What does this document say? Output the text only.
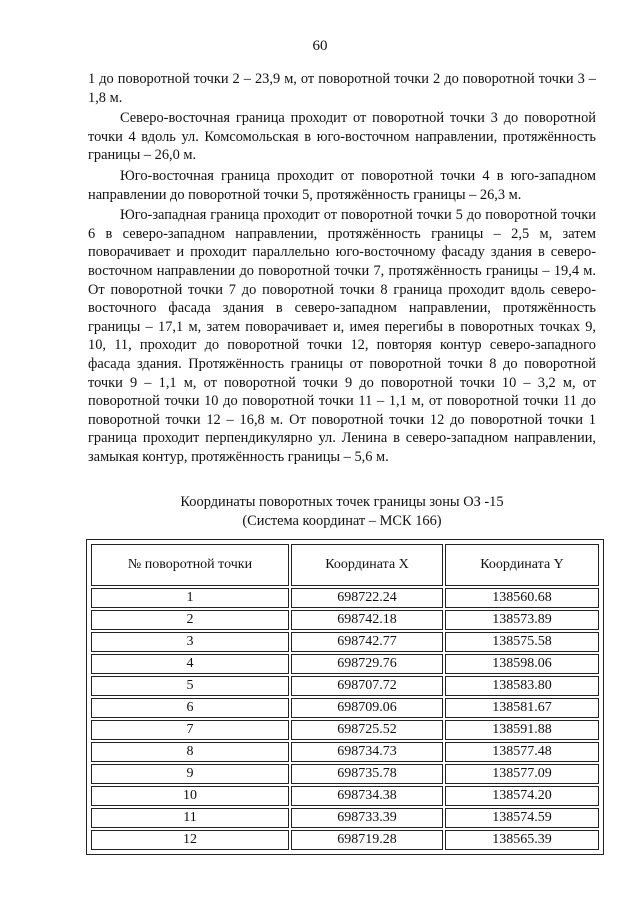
60

1 до поворотной точки 2 – 23,9 м, от поворотной точки 2 до поворотной точки 3 – 1,8 м.

Северо-восточная граница проходит от поворотной точки 3 до поворотной точки 4 вдоль ул. Комсомольская в юго-восточном направлении, протяжённость границы – 26,0 м.

Юго-восточная граница проходит от поворотной точки 4 в юго-западном направлении до поворотной точки 5, протяжённость границы – 26,3 м.

Юго-западная граница проходит от поворотной точки 5 до поворотной точки 6 в северо-западном направлении, протяжённость границы – 2,5 м, затем поворачивает и проходит параллельно юго-восточному фасаду здания в северо-восточном направлении до поворотной точки 7, протяжённость границы – 19,4 м. От поворотной точки 7 до поворотной точки 8 граница проходит вдоль северо-восточного фасада здания в северо-западном направлении, протяжённость границы – 17,1 м, затем поворачивает и, имея перегибы в поворотных точках 9, 10, 11, проходит до поворотной точки 12, повторяя контур северо-западного фасада здания. Протяжённость границы от поворотной точки 8 до поворотной точки 9 – 1,1 м, от поворотной точки 9 до поворотной точки 10 – 3,2 м, от поворотной точки 10 до поворотной точки 11 – 1,1 м, от поворотной точки 11 до поворотной точки 12 – 16,8 м. От поворотной точки 12 до поворотной точки 1 граница проходит перпендикулярно ул. Ленина в северо-западном направлении, замыкая контур, протяжённость границы – 5,6 м.

Координаты поворотных точек границы зоны ОЗ -15
(Система координат – МСК 166)
№ поворотной точки	Координата X	Координата Y
1	698722.24	138560.68
2	698742.18	138573.89
3	698742.77	138575.58
4	698729.76	138598.06
5	698707.72	138583.80
6	698709.06	138581.67
7	698725.52	138591.88
8	698734.73	138577.48
9	698735.78	138577.09
10	698734.38	138574.20
11	698733.39	138574.59
12	698719.28	138565.39
